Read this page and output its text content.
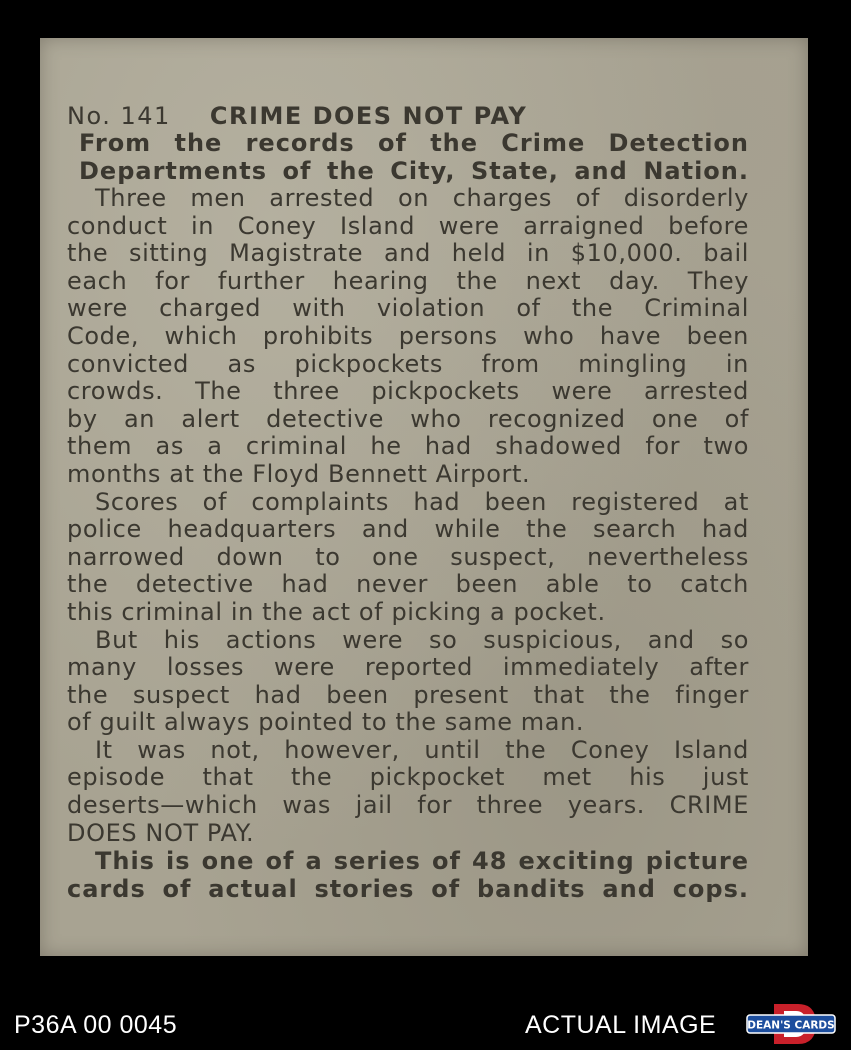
No. 141 CRIME DOES NOT PAY
From the records of the Crime Detection
Departments of the City, State, and Nation.
Three men arrested on charges of disorderly
conduct in Coney Island were arraigned before
the sitting Magistrate and held in $10,000. bail
each for further hearing the next day. They
were charged with violation of the Criminal
Code, which prohibits persons who have been
convicted as pickpockets from mingling in
crowds. The three pickpockets were arrested
by an alert detective who recognized one of
them as a criminal he had shadowed for two
months at the Floyd Bennett Airport.
Scores of complaints had been registered at
police headquarters and while the search had
narrowed down to one suspect, nevertheless
the detective had never been able to catch
this criminal in the act of picking a pocket.
But his actions were so suspicious, and so
many losses were reported immediately after
the suspect had been present that the finger
of guilt always pointed to the same man.
It was not, however, until the Coney Island
episode that the pickpocket met his just
deserts—which was jail for three years. CRIME
DOES NOT PAY.
This is one of a series of 48 exciting picture
cards of actual stories of bandits and cops.
P36A 00 0045	ACTUAL IMAGE	DEAN'S CARDS
